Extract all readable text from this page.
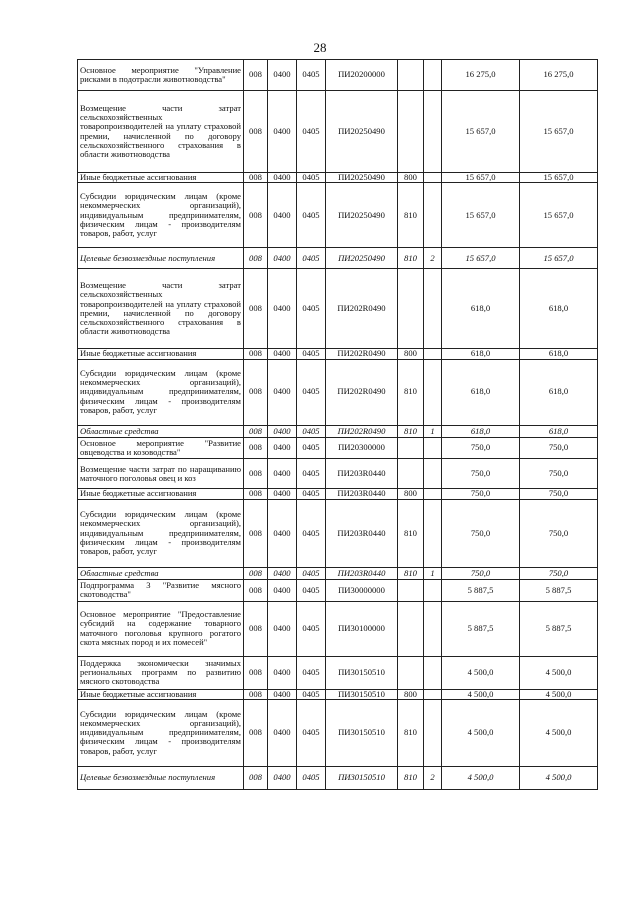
28
Основное мероприятие "Управление рисками в подотрасли животноводства"	008	0400	0405	ПИ20200000			16 275,0	16 275,0
Возмещение части затрат сельскохозяйственных товаропроизводителей на уплату страховой премии, начисленной по договору сельскохозяйственного страхования в области животноводства	008	0400	0405	ПИ20250490			15 657,0	15 657,0
Иные бюджетные ассигнования	008	0400	0405	ПИ20250490	800		15 657,0	15 657,0
Субсидии юридическим лицам (кроме некоммерческих организаций), индивидуальным предпринимателям, физическим лицам - производителям товаров, работ, услуг	008	0400	0405	ПИ20250490	810		15 657,0	15 657,0
Целевые безвозмездные поступления	008	0400	0405	ПИ20250490	810	2	15 657,0	15 657,0
Возмещение части затрат сельскохозяйственных товаропроизводителей на уплату страховой премии, начисленной по договору сельскохозяйственного страхования в области животноводства	008	0400	0405	ПИ202R0490			618,0	618,0
Иные бюджетные ассигнования	008	0400	0405	ПИ202R0490	800		618,0	618,0
Субсидии юридическим лицам (кроме некоммерческих организаций), индивидуальным предпринимателям, физическим лицам - производителям товаров, работ, услуг	008	0400	0405	ПИ202R0490	810		618,0	618,0
Областные средства	008	0400	0405	ПИ202R0490	810	1	618,0	618,0
Основное мероприятие "Развитие овцеводства и козоводства"	008	0400	0405	ПИ20300000			750,0	750,0
Возмещение части затрат по наращиванию маточного поголовья овец и коз	008	0400	0405	ПИ203R0440			750,0	750,0
Иные бюджетные ассигнования	008	0400	0405	ПИ203R0440	800		750,0	750,0
Субсидии юридическим лицам (кроме некоммерческих организаций), индивидуальным предпринимателям, физическим лицам - производителям товаров, работ, услуг	008	0400	0405	ПИ203R0440	810		750,0	750,0
Областные средства	008	0400	0405	ПИ203R0440	810	1	750,0	750,0
Подпрограмма 3 "Развитие мясного скотоводства"	008	0400	0405	ПИ30000000			5 887,5	5 887,5
Основное мероприятие "Предоставление субсидий на содержание товарного маточного поголовья крупного рогатого скота мясных пород и их помесей"	008	0400	0405	ПИ30100000			5 887,5	5 887,5
Поддержка экономически значимых региональных программ по развитию мясного скотоводства	008	0400	0405	ПИ30150510			4 500,0	4 500,0
Иные бюджетные ассигнования	008	0400	0405	ПИ30150510	800		4 500,0	4 500,0
Субсидии юридическим лицам (кроме некоммерческих организаций), индивидуальным предпринимателям, физическим лицам - производителям товаров, работ, услуг	008	0400	0405	ПИ30150510	810		4 500,0	4 500,0
Целевые безвозмездные поступления	008	0400	0405	ПИ30150510	810	2	4 500,0	4 500,0
